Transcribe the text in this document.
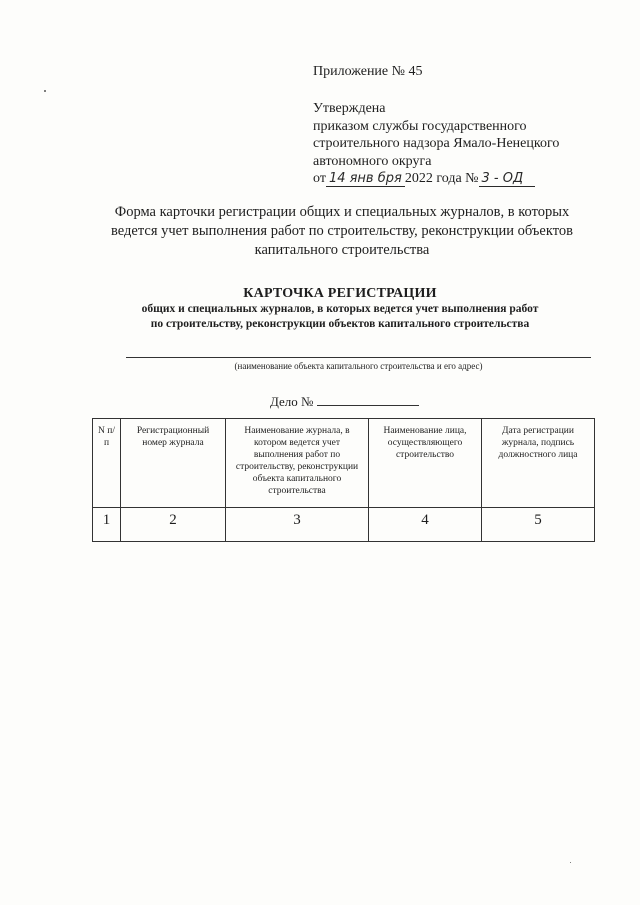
Приложение № 45
Утверждена
приказом службы государственного
строительного надзора Ямало-Ненецкого
автономного округа
от 14 янв бря 2022 года № 3 - ОД
Форма карточки регистрации общих и специальных журналов, в которых ведется учет выполнения работ по строительству, реконструкции объектов капитального строительства
КАРТОЧКА РЕГИСТРАЦИИ
общих и специальных журналов, в которых ведется учет выполнения работ по строительству, реконструкции объектов капитального строительства
(наименование объекта капитального строительства и его адрес)
Дело №
N п/п	Регистрационный номер журнала	Наименование журнала, в котором ведется учет выполнения работ по строительству, реконструкции объекта капитального строительства	Наименование лица, осуществляющего строительство	Дата регистрации журнала, подпись должностного лица
1	2	3	4	5
